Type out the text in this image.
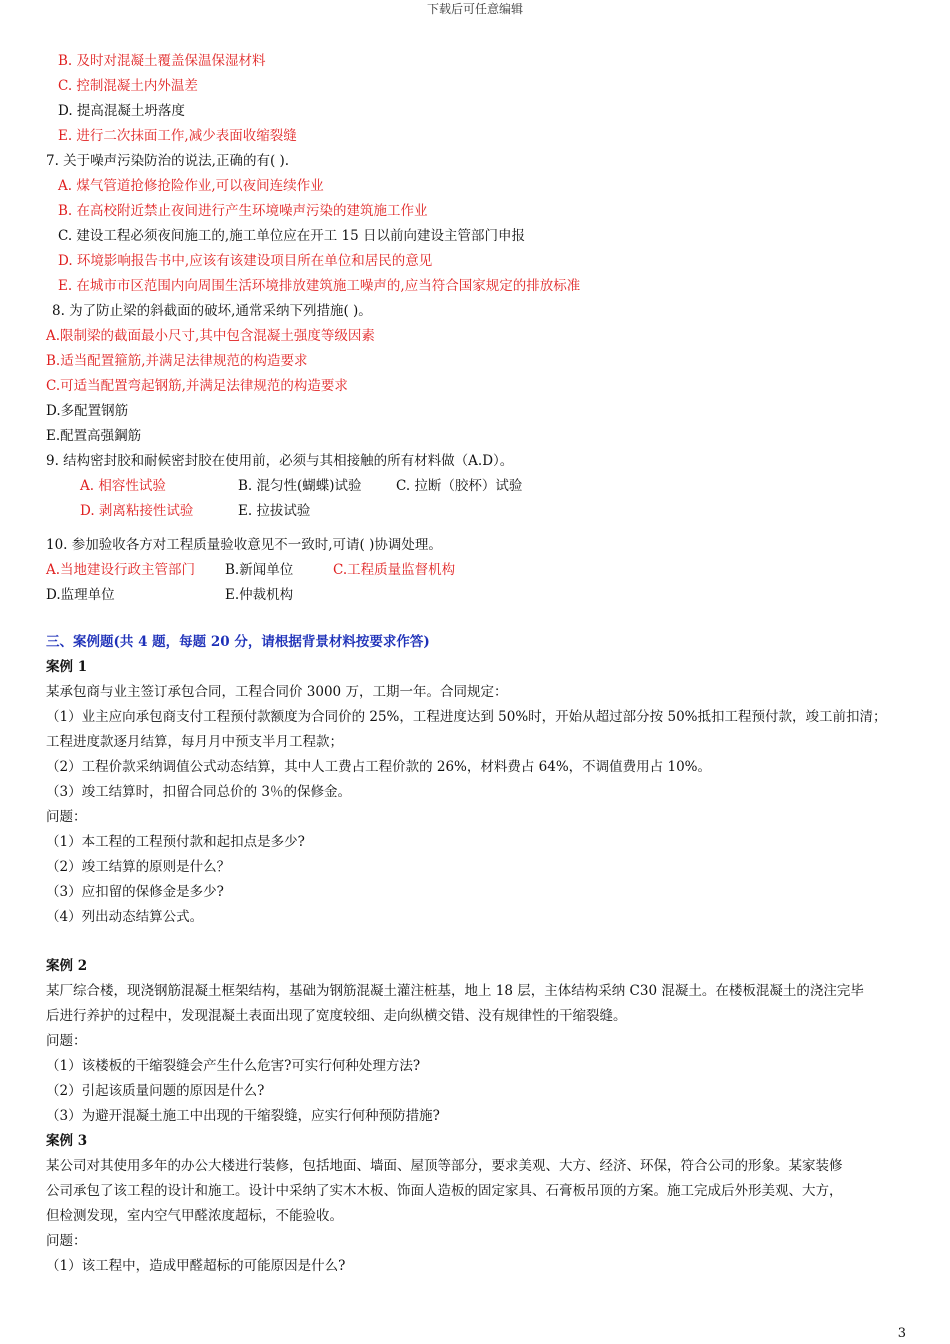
下载后可任意编辑
B. 及时对混凝土覆盖保温保湿材料
C. 控制混凝土内外温差
D. 提高混凝土坍落度
E. 进行二次抹面工作,减少表面收缩裂缝
7. 关于噪声污染防治的说法,正确的有( ).
A. 煤气管道抢修抢险作业,可以夜间连续作业
B. 在高校附近禁止夜间进行产生环境噪声污染的建筑施工作业
C. 建设工程必须夜间施工的,施工单位应在开工 15 日以前向建设主管部门申报
D. 环境影响报告书中,应该有该建设项目所在单位和居民的意见
E. 在城市市区范围内向周围生活环境排放建筑施工噪声的,应当符合国家规定的排放标准
8. 为了防止梁的斜截面的破坏,通常采纳下列措施( )。
A.限制梁的截面最小尺寸,其中包含混凝土强度等级因素
B.适当配置箍筋,并满足法律规范的构造要求
C.可适当配置弯起钢筋,并满足法律规范的构造要求
D.多配置钢筋
E.配置高强鋼筋
9. 结构密封胶和耐候密封胶在使用前，必须与其相接触的所有材料做（A.D）。
A. 相容性试验	B. 混匀性(蝴蝶)试验	C. 拉断（胶杯）试验
D. 剥离粘接性试验	E. 拉拔试验
10. 参加验收各方对工程质量验收意见不一致时,可请( )协调处理。
A.当地建设行政主管部门 B.新闻单位	C.工程质量监督机构
D.监理单位	E.仲裁机构
三、案例题(共 4 题，每题 20 分，请根据背景材料按要求作答)
案例 1
某承包商与业主签订承包合同，工程合同价 3000 万，工期一年。合同规定：
（1）业主应向承包商支付工程预付款额度为合同价的 25%，工程进度达到 50%时，开始从超过部分按 50%抵扣工程预付款，竣工前扣清；
工程进度款逐月结算，每月月中预支半月工程款；
（2）工程价款采纳调值公式动态结算，其中人工费占工程价款的 26%，材料费占 64%，不调值费用占 10%。
（3）竣工结算时，扣留合同总价的 3％的保修金。
问题：
（1）本工程的工程预付款和起扣点是多少?
（2）竣工结算的原则是什么？
（3）应扣留的保修金是多少?
（4）列出动态结算公式。
案例 2
某厂综合楼，现浇钢筋混凝土框架结构，基础为钢筋混凝土灌注桩基，地上 18 层，主体结构采纳 C30 混凝土。在楼板混凝土的浇注完毕
后进行养护的过程中，发现混凝土表面出现了宽度较细、走向纵横交错、没有规律性的干缩裂缝。
问题：
（1）该楼板的干缩裂缝会产生什么危害?可实行何种处理方法?
（2）引起该质量问题的原因是什么?
（3）为避开混凝土施工中出现的干缩裂缝，应实行何种预防措施?
案例 3
某公司对其使用多年的办公大楼进行装修，包括地面、墙面、屋顶等部分，要求美观、大方、经济、环保，符合公司的形象。某家装修
公司承包了该工程的设计和施工。设计中采纳了实木木板、饰面人造板的固定家具、石膏板吊顶的方案。施工完成后外形美观、大方，
但检测发现，室内空气甲醛浓度超标，不能验收。
问题：
（1）该工程中，造成甲醛超标的可能原因是什么?
3
